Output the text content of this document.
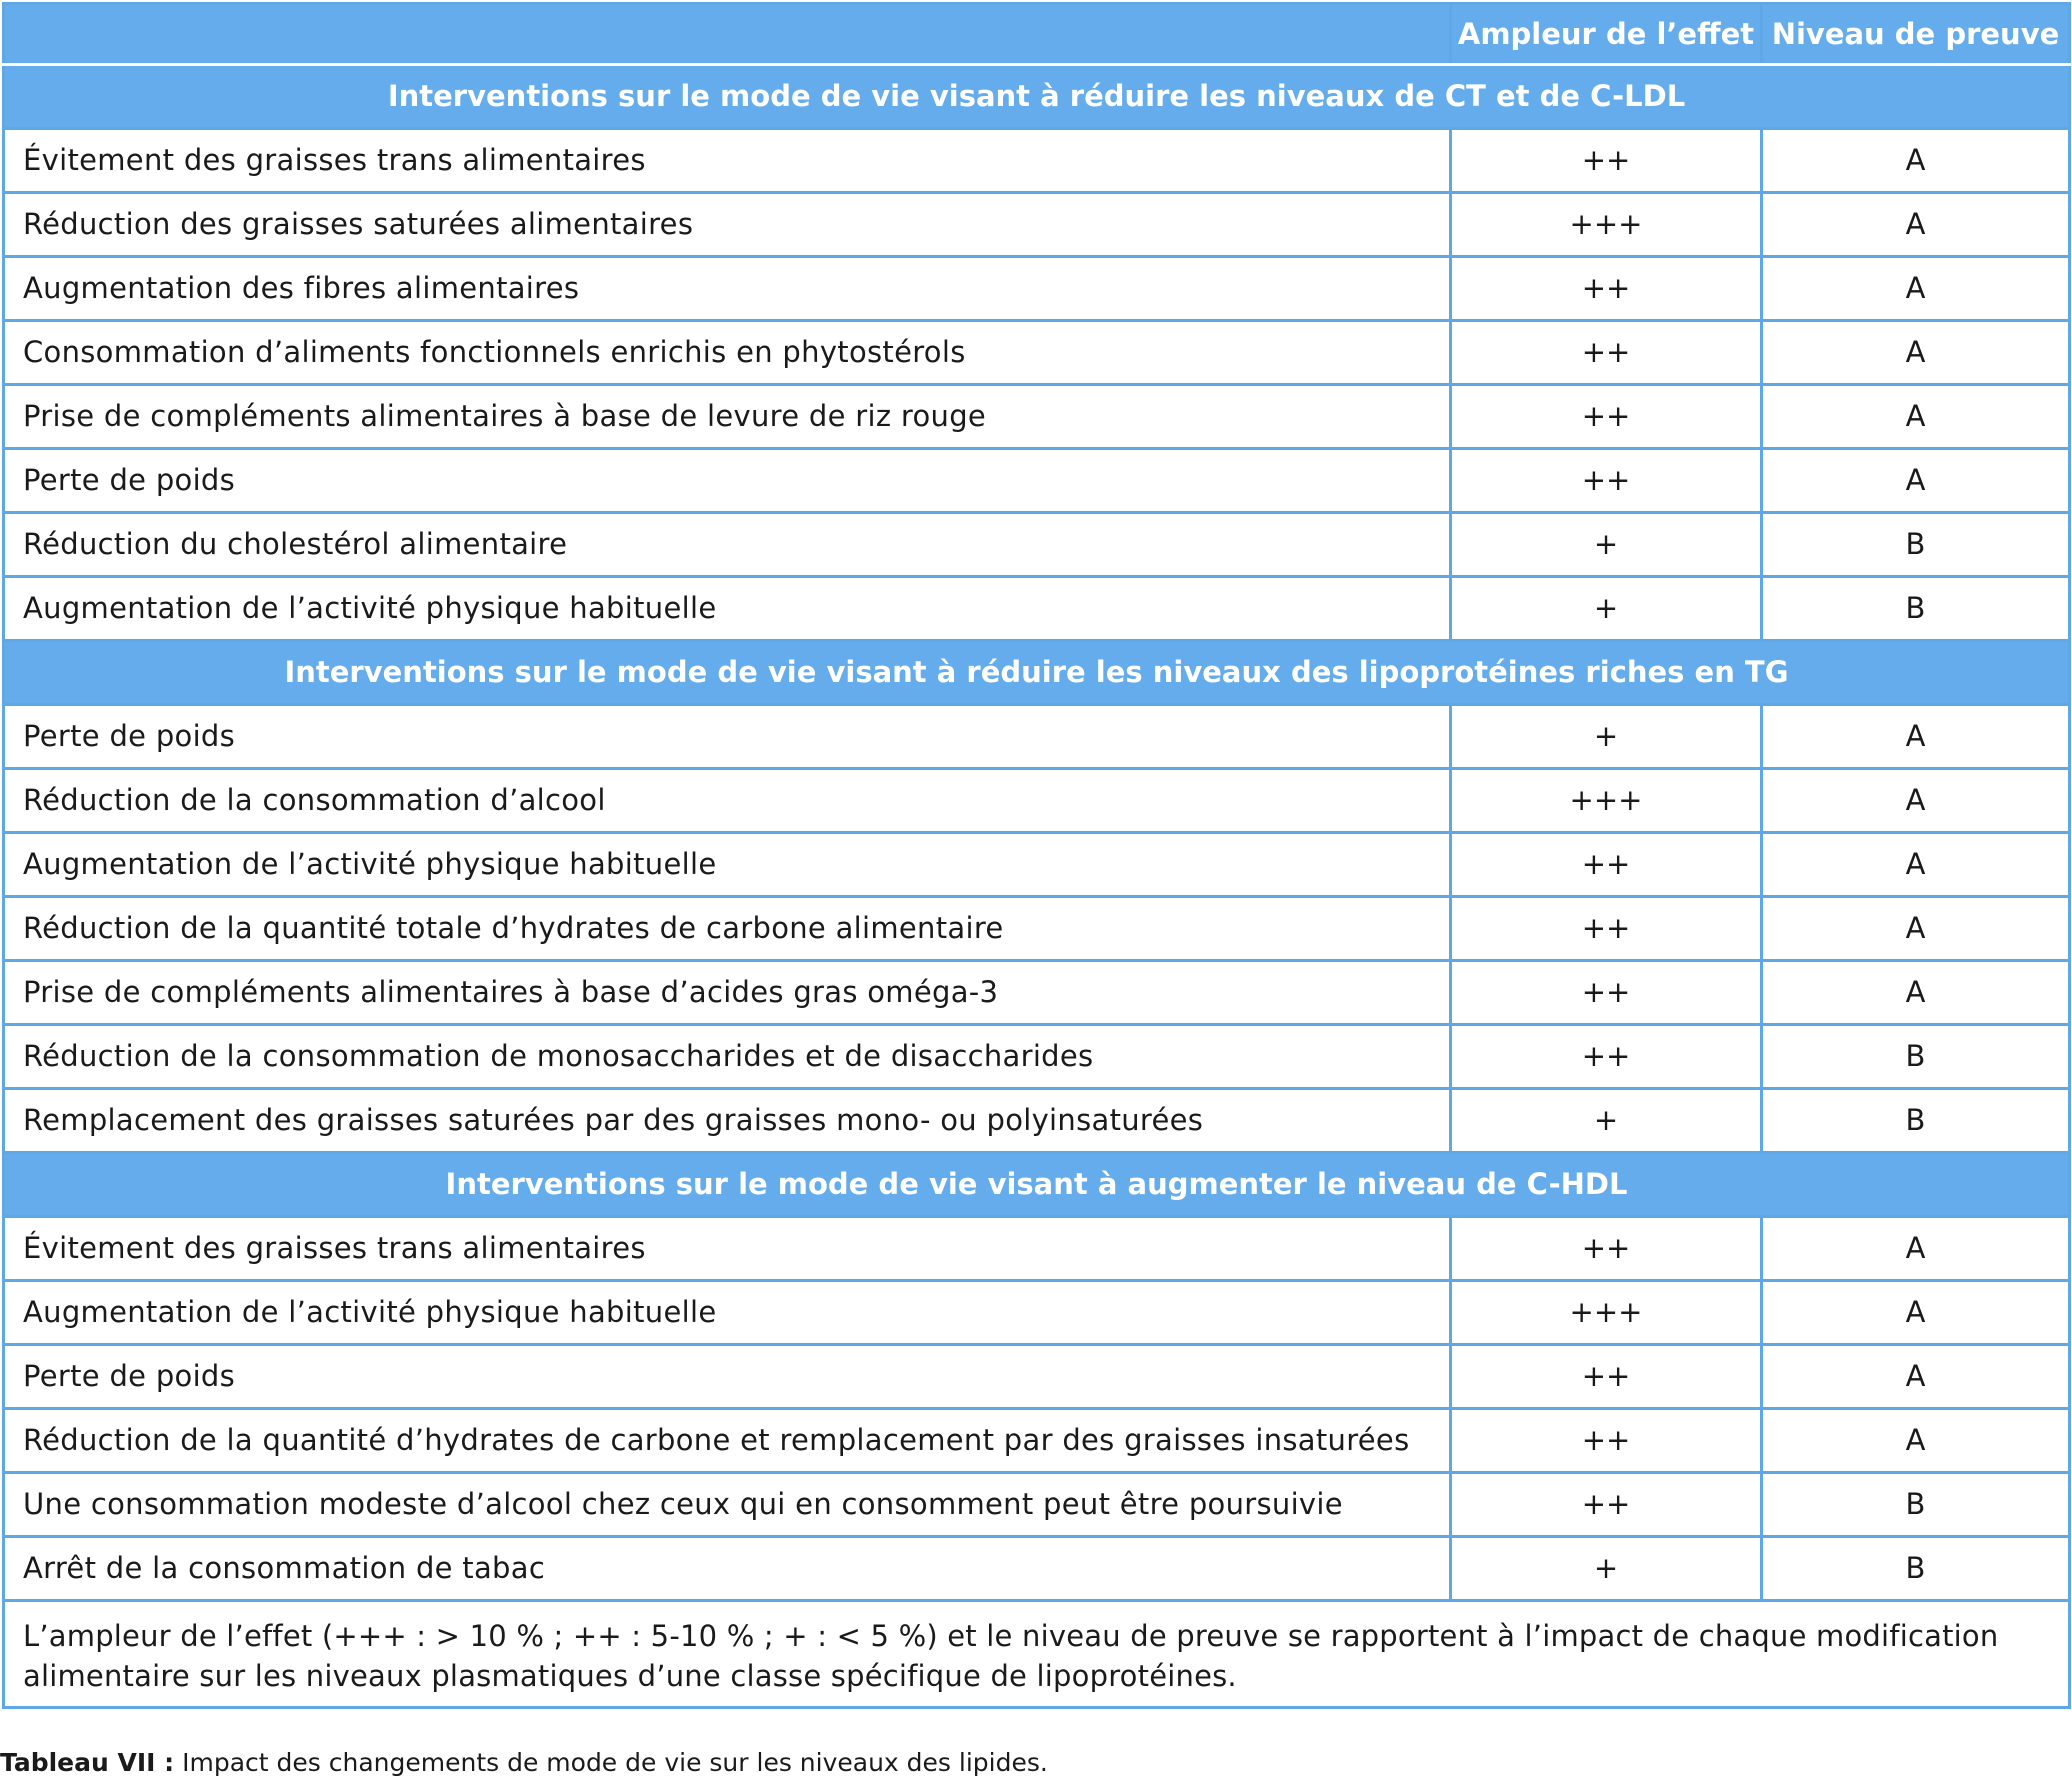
	Ampleur de l’effet	Niveau de preuve
Interventions sur le mode de vie visant à réduire les niveaux de CT et de C-LDL		
Évitement des graisses trans alimentaires	++	A
Réduction des graisses saturées alimentaires	+++	A
Augmentation des fibres alimentaires	++	A
Consommation d’aliments fonctionnels enrichis en phytostérols	++	A
Prise de compléments alimentaires à base de levure de riz rouge	++	A
Perte de poids	++	A
Réduction du cholestérol alimentaire	+	B
Augmentation de l’activité physique habituelle	+	B
Interventions sur le mode de vie visant à réduire les niveaux des lipoprotéines riches en TG		
Perte de poids	+	A
Réduction de la consommation d’alcool	+++	A
Augmentation de l’activité physique habituelle	++	A
Réduction de la quantité totale d’hydrates de carbone alimentaire	++	A
Prise de compléments alimentaires à base d’acides gras oméga-3	++	A
Réduction de la consommation de monosaccharides et de disaccharides	++	B
Remplacement des graisses saturées par des graisses mono- ou polyinsaturées	+	B
Interventions sur le mode de vie visant à augmenter le niveau de C-HDL		
Évitement des graisses trans alimentaires	++	A
Augmentation de l’activité physique habituelle	+++	A
Perte de poids	++	A
Réduction de la quantité d’hydrates de carbone et remplacement par des graisses insaturées	++	A
Une consommation modeste d’alcool chez ceux qui en consomment peut être poursuivie	++	B
Arrêt de la consommation de tabac	+	B
L’ampleur de l’effet (+++ : > 10 % ; ++ : 5-10 % ; + : < 5 %) et le niveau de preuve se rapportent à l’impact de chaque modification alimentaire sur les niveaux plasmatiques d’une classe spécifique de lipoprotéines.		
Tableau VII : Impact des changements de mode de vie sur les niveaux des lipides.
